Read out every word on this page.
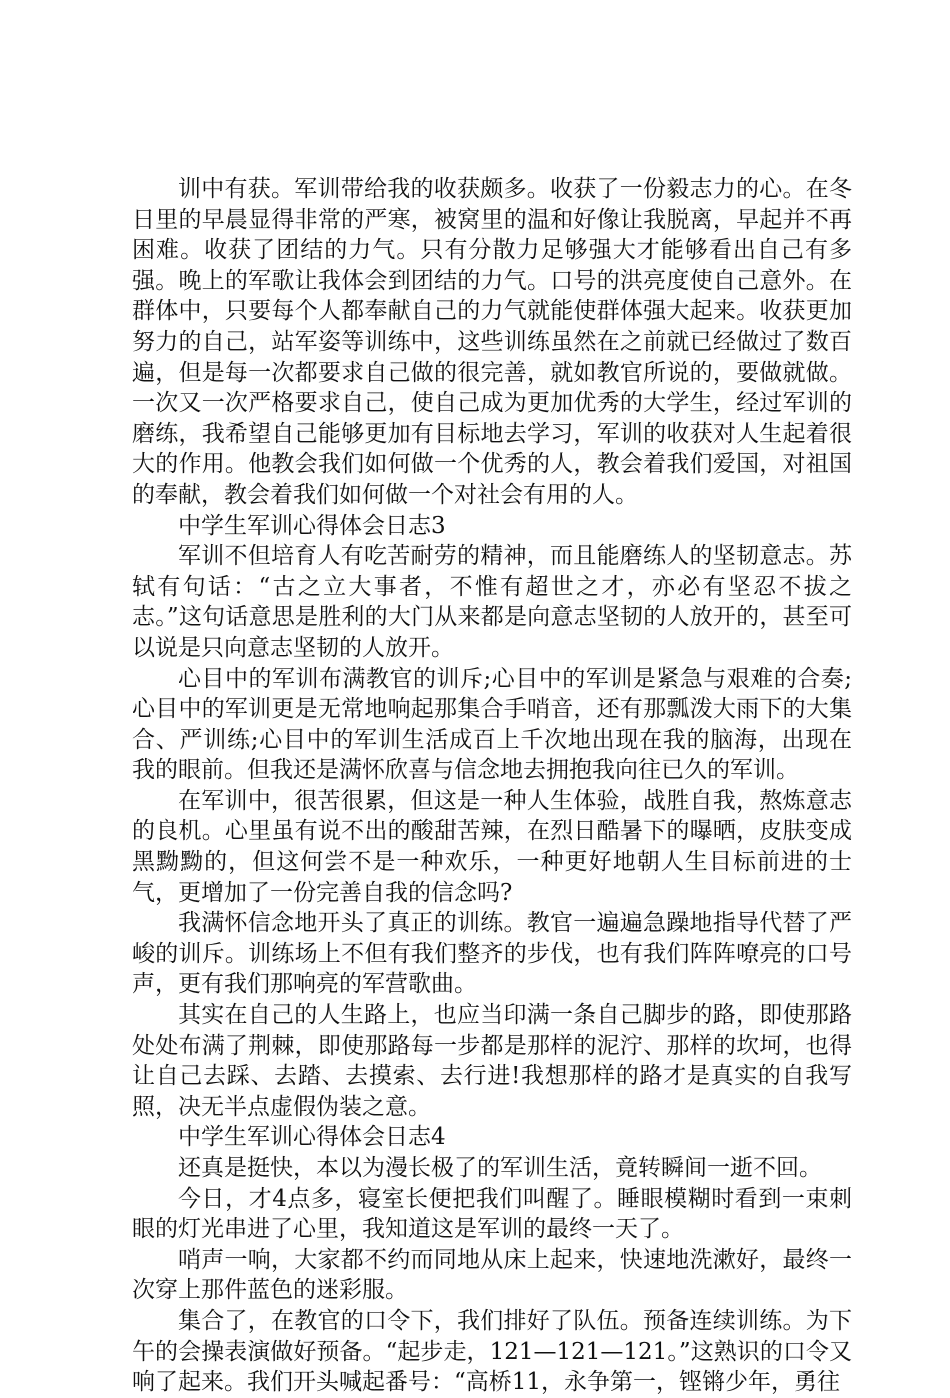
训中有获。军训带给我的收获颇多。收获了一份毅志力的心。在冬日里的早晨显得非常的严寒，被窝里的温和好像让我脱离，早起并不再困难。收获了团结的力气。只有分散力足够强大才能够看出自己有多强。晚上的军歌让我体会到团结的力气。口号的洪亮度使自己意外。在群体中，只要每个人都奉献自己的力气就能使群体强大起来。收获更加努力的自己，站军姿等训练中，这些训练虽然在之前就已经做过了数百遍，但是每一次都要求自己做的很完善，就如教官所说的，要做就做。一次又一次严格要求自己，使自己成为更加优秀的大学生，经过军训的磨练，我希望自己能够更加有目标地去学习，军训的收获对人生起着很大的作用。他教会我们如何做一个优秀的人，教会着我们爱国，对祖国的奉献，教会着我们如何做一个对社会有用的人。

中学生军训心得体会日志3

军训不但培育人有吃苦耐劳的精神，而且能磨练人的坚韧意志。苏轼有句话：“古之立大事者，不惟有超世之才，亦必有坚忍不拔之志。”这句话意思是胜利的大门从来都是向意志坚韧的人放开的，甚至可以说是只向意志坚韧的人放开。

心目中的军训布满教官的训斥;心目中的军训是紧急与艰难的合奏;心目中的军训更是无常地响起那集合手哨音，还有那瓢泼大雨下的大集合、严训练;心目中的军训生活成百上千次地出现在我的脑海，出现在我的眼前。但我还是满怀欣喜与信念地去拥抱我向往已久的军训。

在军训中，很苦很累，但这是一种人生体验，战胜自我，熬炼意志的良机。心里虽有说不出的酸甜苦辣，在烈日酷暑下的曝晒，皮肤变成黑黝黝的，但这何尝不是一种欢乐，一种更好地朝人生目标前进的士气，更增加了一份完善自我的信念吗?

我满怀信念地开头了真正的训练。教官一遍遍急躁地指导代替了严峻的训斥。训练场上不但有我们整齐的步伐，也有我们阵阵嘹亮的口号声，更有我们那响亮的军营歌曲。

其实在自己的人生路上，也应当印满一条自己脚步的路，即使那路处处布满了荆棘，即使那路每一步都是那样的泥泞、那样的坎坷，也得让自己去踩、去踏、去摸索、去行进!我想那样的路才是真实的自我写照，决无半点虚假伪装之意。

中学生军训心得体会日志4

还真是挺快，本以为漫长极了的军训生活，竟转瞬间一逝不回。

今日，才4点多，寝室长便把我们叫醒了。睡眼模糊时看到一束刺眼的灯光串进了心里，我知道这是军训的最终一天了。

哨声一响，大家都不约而同地从床上起来，快速地洗漱好，最终一次穿上那件蓝色的迷彩服。

集合了，在教官的口令下，我们排好了队伍。预备连续训练。为下午的会操表演做好预备。“起步走，121—121—121。”这熟识的口令又响了起来。我们开头喊起番号：“高桥11，永争第一，铿锵少年，勇往
